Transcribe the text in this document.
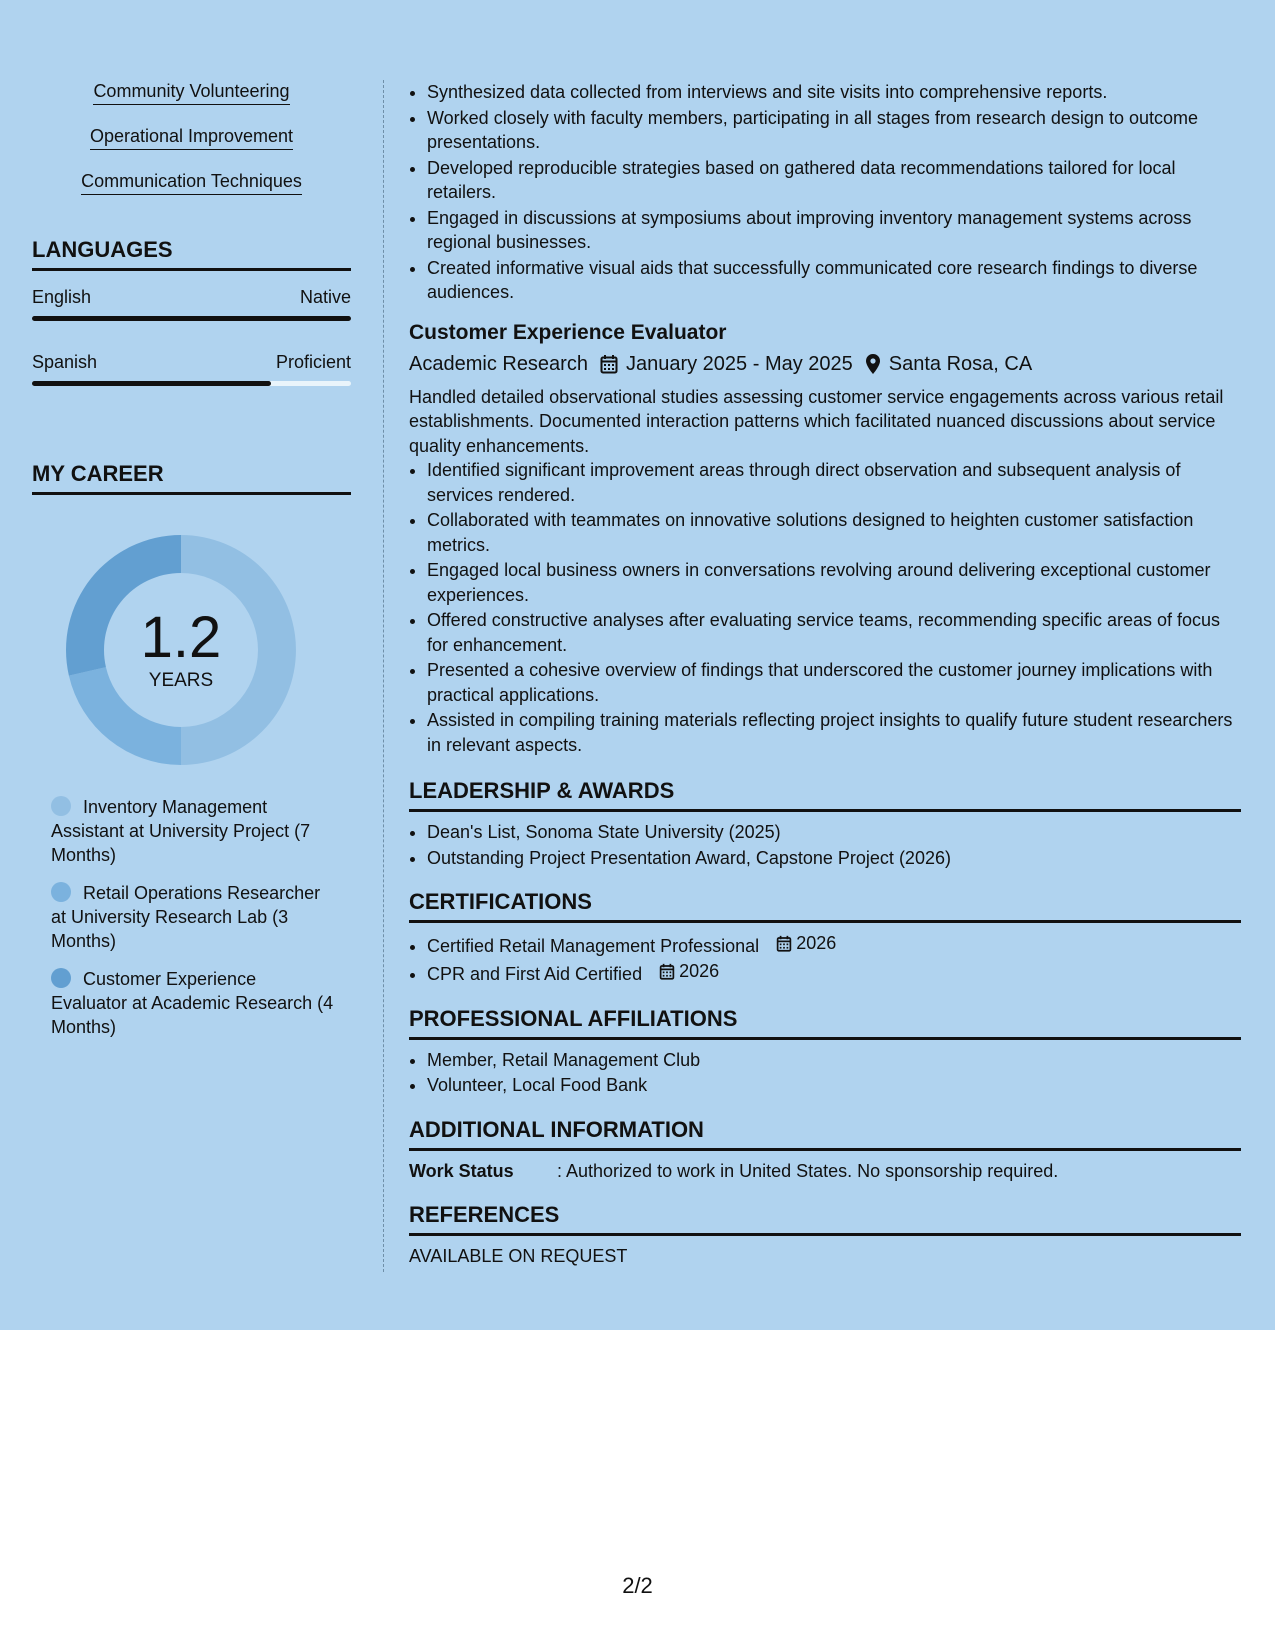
Community Volunteering
Operational Improvement
Communication Techniques
LANGUAGES
English	Native
Spanish	Proficient
MY CAREER
1.2
YEARS
Inventory Management Assistant at University Project (7 Months)
Retail Operations Researcher at University Research Lab (3 Months)
Customer Experience Evaluator at Academic Research (4 Months)
• Synthesized data collected from interviews and site visits into comprehensive reports.
• Worked closely with faculty members, participating in all stages from research design to outcome presentations.
• Developed reproducible strategies based on gathered data recommendations tailored for local retailers.
• Engaged in discussions at symposiums about improving inventory management systems across regional businesses.
• Created informative visual aids that successfully communicated core research findings to diverse audiences.
Customer Experience Evaluator
Academic Research January 2025 - May 2025 Santa Rosa, CA

Handled detailed observational studies assessing customer service engagements across various retail establishments. Documented interaction patterns which facilitated nuanced discussions about service quality enhancements.

• Identified significant improvement areas through direct observation and subsequent analysis of services rendered.
• Collaborated with teammates on innovative solutions designed to heighten customer satisfaction metrics.
• Engaged local business owners in conversations revolving around delivering exceptional customer experiences.
• Offered constructive analyses after evaluating service teams, recommending specific areas of focus for enhancement.
• Presented a cohesive overview of findings that underscored the customer journey implications with practical applications.
• Assisted in compiling training materials reflecting project insights to qualify future student researchers in relevant aspects.
LEADERSHIP & AWARDS
• Dean's List, Sonoma State University (2025)
• Outstanding Project Presentation Award, Capstone Project (2026)
CERTIFICATIONS
• Certified Retail Management Professional 2026
• CPR and First Aid Certified 2026
PROFESSIONAL AFFILIATIONS
• Member, Retail Management Club
• Volunteer, Local Food Bank
ADDITIONAL INFORMATION
Work Status	: Authorized to work in United States. No sponsorship required.
REFERENCES
AVAILABLE ON REQUEST
2/2
